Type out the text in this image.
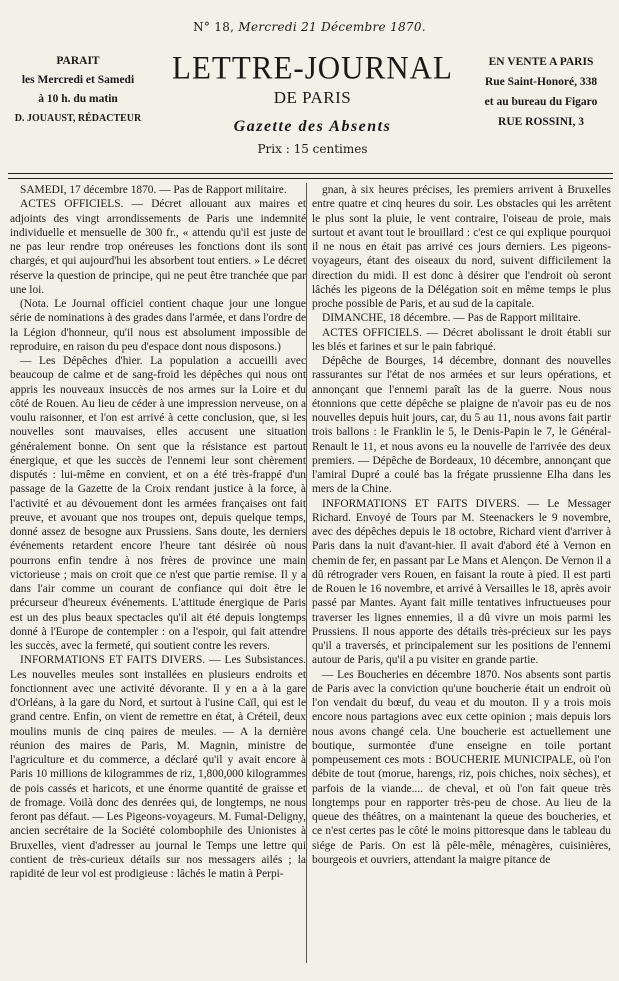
N° 18, Mercredi 21 Décembre 1870.
PARAIT
les Mercredi et Samedi
à 10 h. du matin
D. JOUAUST, RÉDACTEUR
LETTRE-JOURNAL
DE PARIS
Gazette des Absents
Prix : 15 centimes
EN VENTE A PARIS
Rue Saint-Honoré, 338
et au bureau du Figaro
RUE ROSSINI, 3

SAMEDI, 17 décembre 1870. — Pas de Rapport militaire.

ACTES OFFICIELS. — Décret allouant aux maires et adjoints des vingt arrondissements de Paris une indemnité individuelle et mensuelle de 300 fr., « attendu qu'il est juste de ne pas leur rendre trop onéreuses les fonctions dont ils sont chargés, et qui aujourd'hui les absorbent tout entiers. » Le décret réserve la question de principe, qui ne peut être tranchée que par une loi.

(Nota. Le Journal officiel contient chaque jour une longue série de nominations à des grades dans l'armée, et dans l'ordre de la Légion d'honneur, qu'il nous est absolument impossible de reproduire, en raison du peu d'espace dont nous disposons.)

— Les Dépêches d'hier. La population a accueilli avec beaucoup de calme et de sang-froid les dépêches qui nous ont appris les nouveaux insuccès de nos armes sur la Loire et du côté de Rouen. Au lieu de céder à une impression nerveuse, on a voulu raisonner, et l'on est arrivé à cette conclusion, que, si les nouvelles sont mauvaises, elles accusent une situation généralement bonne. On sent que la résistance est partout énergique, et que les succès de l'ennemi leur sont chèrement disputés : lui-même en convient, et on a été très-frappé d'un passage de la Gazette de la Croix rendant justice à la force, à l'activité et au dévouement dont les armées françaises ont fait preuve, et avouant que nos troupes ont, depuis quelque temps, donné assez de besogne aux Prussiens. Sans doute, les derniers événements retardent encore l'heure tant désirée où nous pourrons enfin tendre à nos frères de province une main victorieuse ; mais on croit que ce n'est que partie remise. Il y a dans l'air comme un courant de confiance qui doit être le précurseur d'heureux événements. L'attitude énergique de Paris est un des plus beaux spectacles qu'il ait été depuis longtemps donné à l'Europe de contempler : on a l'espoir, qui fait attendre les succès, avec la fermeté, qui soutient contre les revers.

INFORMATIONS ET FAITS DIVERS. — Les Subsistances. Les nouvelles meules sont installées en plusieurs endroits et fonctionnent avec une activité dévorante. Il y en a à la gare d'Orléans, à la gare du Nord, et surtout à l'usine Caïl, qui est le grand centre. Enfin, on vient de remettre en état, à Créteil, deux moulins munis de cinq paires de meules. — A la dernière réunion des maires de Paris, M. Magnin, ministre de l'agriculture et du commerce, a déclaré qu'il y avait encore à Paris 10 millions de kilogrammes de riz, 1,800,000 kilogrammes de pois cassés et haricots, et une énorme quantité de graisse et de fromage. Voilà donc des denrées qui, de longtemps, ne nous feront pas défaut. — Les Pigeons-voyageurs. M. Fumal-Deligny, ancien secrétaire de la Société colombophile des Unionistes à Bruxelles, vient d'adresser au journal le Temps une lettre qui contient de très-curieux détails sur nos messagers ailés ; la rapidité de leur vol est prodigieuse : lâchés le matin à Perpi-

gnan, à six heures précises, les premiers arrivent à Bruxelles entre quatre et cinq heures du soir. Les obstacles qui les arrêtent le plus sont la pluie, le vent contraire, l'oiseau de proie, mais surtout et avant tout le brouillard : c'est ce qui explique pourquoi il ne nous en était pas arrivé ces jours derniers. Les pigeons-voyageurs, étant des oiseaux du nord, suivent difficilement la direction du midi. Il est donc à désirer que l'endroit où seront lâchés les pigeons de la Délégation soit en même temps le plus proche possible de Paris, et au sud de la capitale.

DIMANCHE, 18 décembre. — Pas de Rapport militaire.

ACTES OFFICIELS. — Décret abolissant le droit établi sur les blés et farines et sur le pain fabriqué.

Dépêche de Bourges, 14 décembre, donnant des nouvelles rassurantes sur l'état de nos armées et sur leurs opérations, et annonçant que l'ennemi paraît las de la guerre. Nous nous étonnions que cette dépêche se plaigne de n'avoir pas eu de nos nouvelles depuis huit jours, car, du 5 au 11, nous avons fait partir trois ballons : le Franklin le 5, le Denis-Papin le 7, le Général-Renault le 11, et nous avons eu la nouvelle de l'arrivée des deux premiers. — Dépêche de Bordeaux, 10 décembre, annonçant que l'amiral Dupré a coulé bas la frégate prussienne Elha dans les mers de la Chine.

INFORMATIONS ET FAITS DIVERS. — Le Messager Richard. Envoyé de Tours par M. Steenackers le 9 novembre, avec des dépêches depuis le 18 octobre, Richard vient d'arriver à Paris dans la nuit d'avant-hier. Il avait d'abord été à Vernon en chemin de fer, en passant par Le Mans et Alençon. De Vernon il a dû rétrograder vers Rouen, en faisant la route à pied. Il est parti de Rouen le 16 novembre, et arrivé à Versailles le 18, après avoir passé par Mantes. Ayant fait mille tentatives infructueuses pour traverser les lignes ennemies, il a dû vivre un mois parmi les Prussiens. Il nous apporte des détails très-précieux sur les pays qu'il a traversés, et principalement sur les positions de l'ennemi autour de Paris, qu'il a pu visiter en grande partie.

— Les Boucheries en décembre 1870. Nos absents sont partis de Paris avec la conviction qu'une boucherie était un endroit où l'on vendait du bœuf, du veau et du mouton. Il y a trois mois encore nous partagions avec eux cette opinion ; mais depuis lors nous avons changé cela. Une boucherie est actuellement une boutique, surmontée d'une enseigne en toile portant pompeusement ces mots : BOUCHERIE MUNICIPALE, où l'on débite de tout (morue, harengs, riz, pois chiches, noix sèches), et parfois de la viande.... de cheval, et où l'on fait queue très longtemps pour en rapporter très-peu de chose. Au lieu de la queue des théâtres, on a maintenant la queue des boucheries, et ce n'est certes pas le côté le moins pittoresque dans le tableau du siége de Paris. On est là pêle-mêle, ménagères, cuisinières, bourgeois et ouvriers, attendant la maigre pitance de
